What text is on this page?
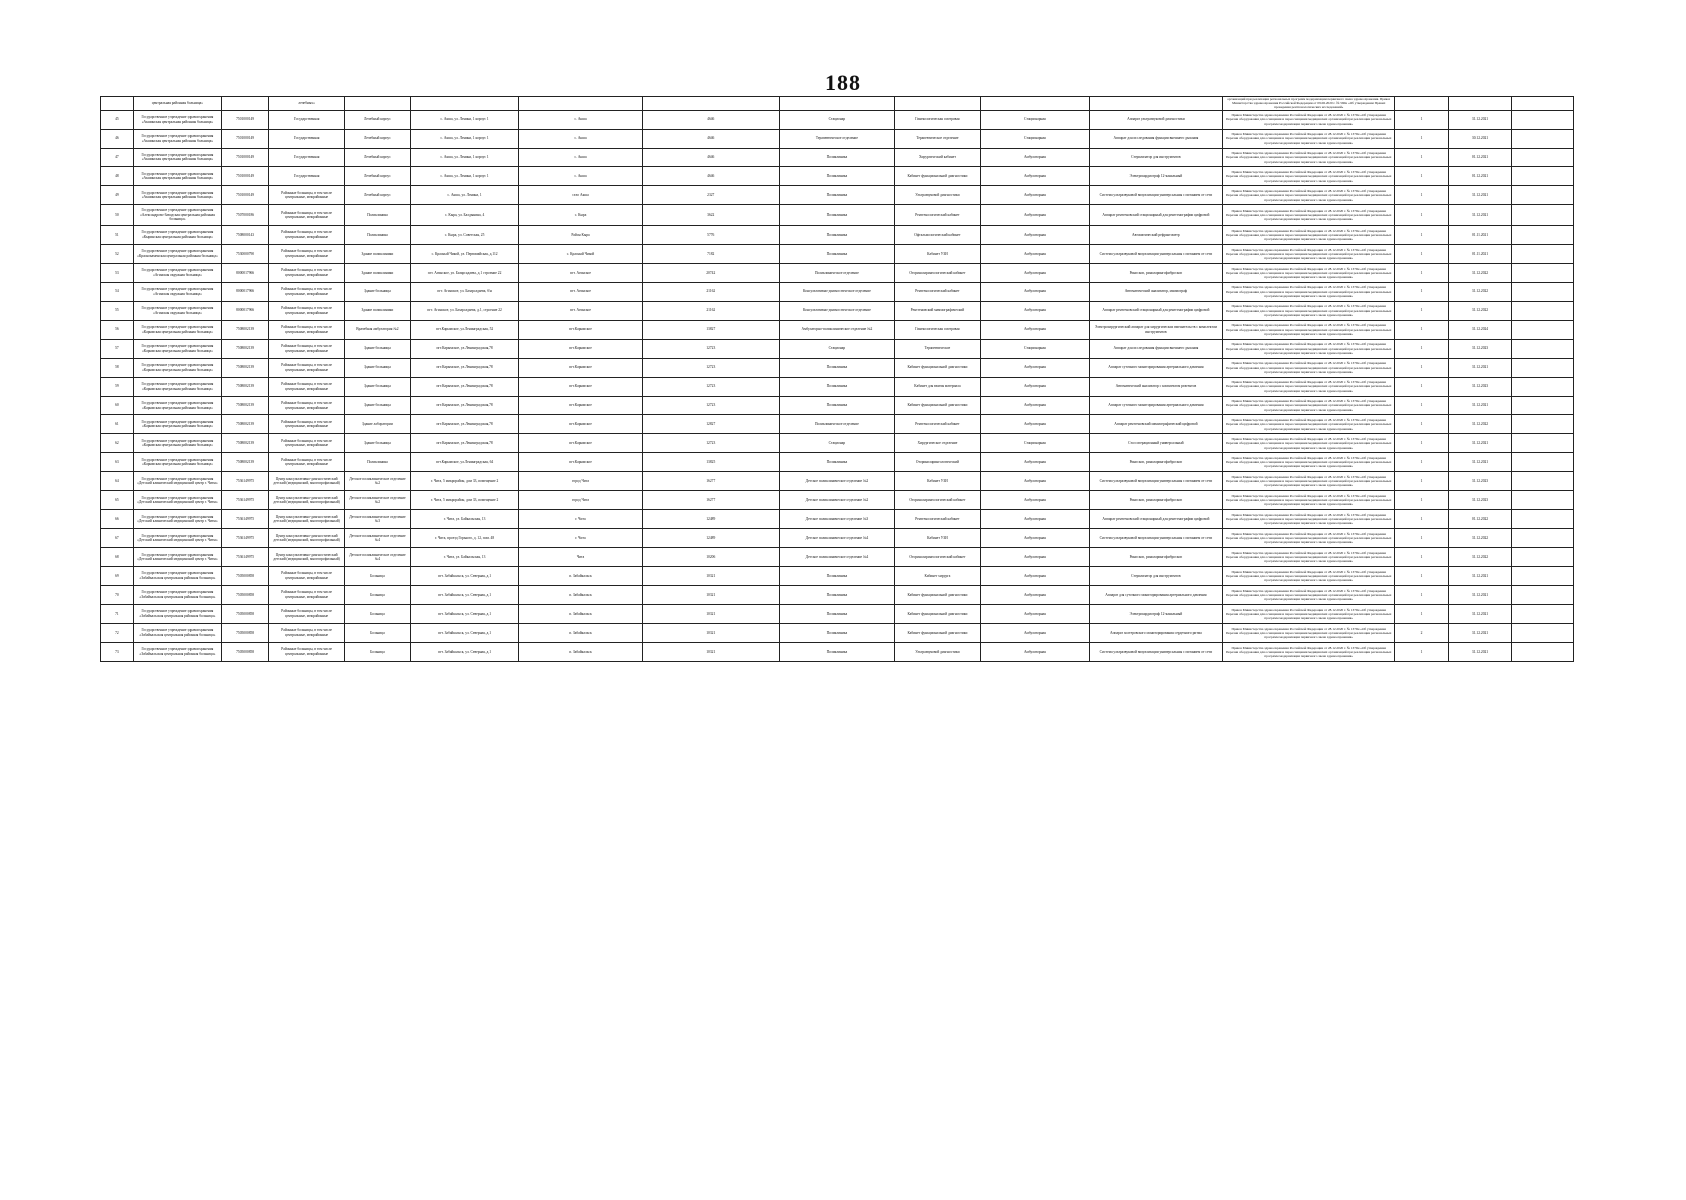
188
	центральная районная больница»		лечебных»									организаций при реализации региональных программ модернизации первичного звена здравоохранения. Приказ Министерства здравоохранения Российской Федерации от 09.06.2020 г. № 560н «Об утверждении Правил проведения рентгенологических исследований»			
45	Государственное учреждение здравоохранения «Акшинская центральная районная больница»	7501000149	Государственная	Лечебный корпус	с. Акша, ул. Ленина, 1 корпус 1	с. Акша	4646	Стационар	Гинекологическая смотровая	Стационарная	Аппарат ультразвуковой диагностики	Приказ Министерства здравоохранения Российской Федерации от 28.12.2020 г. № 1379н «Об утверждении Перечня оборудования для оснащения и переоснащения медицинских организаций при реализации региональных программ модернизации первичного звена здравоохранения»	1	31.12.2021	
46	Государственное учреждение здравоохранения «Акшинская центральная районная больница»	7501000149	Государственная	Лечебный корпус	с. Акша, ул. Ленина, 1 корпус 1	с. Акша	4646	Терапевтическое отделение	Терапевтическое отделение	Стационарная	Аппарат для исследования функции внешнего дыхания	Приказ Министерства здравоохранения Российской Федерации от 28.12.2020 г. № 1379н «Об утверждении Перечня оборудования для оснащения и переоснащения медицинских организаций при реализации региональных программ модернизации первичного звена здравоохранения»	1	30.12.2021	
47	Государственное учреждение здравоохранения «Акшинская центральная районная больница»	7501000149	Государственная	Лечебный корпус	с. Акша, ул. Ленина, 1 корпус 1	с. Акша	4646	Поликлиника	Хирургический кабинет	Амбулаторная	Стерилизатор для инструментов	Приказ Министерства здравоохранения Российской Федерации от 28.12.2020 г. № 1379н «Об утверждении Перечня оборудования для оснащения и переоснащения медицинских организаций при реализации региональных программ модернизации первичного звена здравоохранения»	1	01.12.2021	
48	Государственное учреждение здравоохранения «Акшинская центральная районная больница»	7501000149	Государственная	Лечебный корпус	с. Акша, ул. Ленина, 1 корпус 1	с. Акша	4646	Поликлиника	Кабинет функциональной диагностики	Амбулаторная	Электрокардиограф 12-канальный	Приказ Министерства здравоохранения Российской Федерации от 28.12.2020 г. № 1379н «Об утверждении Перечня оборудования для оснащения и переоснащения медицинских организаций при реализации региональных программ модернизации первичного звена здравоохранения»	1	01.12.2021	
49	Государственное учреждение здравоохранения «Акшинская центральная районная больница»	7501000149	Районные больницы, в том числе центральные, межрайонные	Лечебный корпус	с. Акша, ул. Ленина, 1	село Акша	2327	Поликлиника	Ультразвуковой диагностики	Амбулаторная	Система ультразвуковой визуализации универсальная с питанием от сети	Приказ Министерства здравоохранения Российской Федерации от 28.12.2020 г. № 1379н «Об утверждении Перечня оборудования для оснащения и переоснащения медицинских организаций при реализации региональных программ модернизации первичного звена здравоохранения»	1	31.12.2021	
50	Государственное учреждение здравоохранения «Александрово-Заводская центральная районная больница»	7507000186	Районные больницы, в том числе центральные, межрайонные	Поликлиника	с. Кыра, ул. Балдынина, 4	с. Кыра	3622	Поликлиника	Рентгенологический кабинет	Амбулаторная	Аппарат рентгеновский стационарный для рентгенографии цифровой	Приказ Министерства здравоохранения Российской Федерации от 28.12.2020 г. № 1379н «Об утверждении Перечня оборудования для оснащения и переоснащения медицинских организаций при реализации региональных программ модернизации первичного звена здравоохранения»	1	31.12.2021	
51	Государственное учреждение здравоохранения «Кыринская центральная районная больница»	7508000143	Районные больницы, в том числе центральные, межрайонные	Поликлиника	с. Кыра, ул. Советская, 25	Район Кыра	5776	Поликлиника	Офтальмологический кабинет	Амбулаторная	Автоматический рефрактометр	Приказ Министерства здравоохранения Российской Федерации от 28.12.2020 г. № 1379н «Об утверждении Перечня оборудования для оснащения и переоснащения медицинских организаций при реализации региональных программ модернизации первичного звена здравоохранения»	1	01.11.2021	
52	Государственное учреждение здравоохранения «Краснокаменская центральная районная больница»	7530000790	Районные больницы, в том числе центральные, межрайонные	Здание поликлиники	с. Красный Чикой, ул. Первомайская, д.112	с. Красный Чикой	7182	Поликлиника	Кабинет УЗИ	Амбулаторная	Система ультразвуковой визуализации универсальная с питанием от сети	Приказ Министерства здравоохранения Российской Федерации от 28.12.2020 г. № 1379н «Об утверждении Перечня оборудования для оснащения и переоснащения медицинских организаций при реализации региональных программ модернизации первичного звена здравоохранения»	1	01.11.2021	
53	Государственное учреждение здравоохранения «Агинская окружная больница»	8000017966	Районные больницы, в том числе центральные, межрайонные	Здание поликлиники	пгт. Агинское, ул. Базарсадаева, д.1 строение 22	пгт. Агинское	20742	Поликлиническое отделение	Оториноларингологический кабинет	Амбулаторная	Риноскоп, риноларингофиброскоп	Приказ Министерства здравоохранения Российской Федерации от 28.12.2020 г. № 1379н «Об утверждении Перечня оборудования для оснащения и переоснащения медицинских организаций при реализации региональных программ модернизации первичного звена здравоохранения»	1	31.12.2022	
54	Государственное учреждение здравоохранения «Агинская окружная больница»	8000017966	Районные больницы, в том числе центральные, межрайонные	Здание больницы	пгт. Агинское, ул. Базарсадаева, б/н	пгт. Агинское	21162	Консультативно-диагностическое отделение	Рентгенологический кабинет	Амбулаторная	Автоматический анализатор, маммограф	Приказ Министерства здравоохранения Российской Федерации от 28.12.2020 г. № 1379н «Об утверждении Перечня оборудования для оснащения и переоснащения медицинских организаций при реализации региональных программ модернизации первичного звена здравоохранения»	1	31.12.2022	
55	Государственное учреждение здравоохранения «Агинская окружная больница»	8000017966	Районные больницы, в том числе центральные, межрайонные	Здание поликлиники	пгт. Агинское, ул. Базарсадаева, д.1, строение 22	пгт. Агинское	21162	Консультативно-диагностическое отделение	Рентгеновский маммографический	Амбулаторная	Аппарат рентгеновский стационарный для рентгенографии цифровой	Приказ Министерства здравоохранения Российской Федерации от 28.12.2020 г. № 1379н «Об утверждении Перечня оборудования для оснащения и переоснащения медицинских организаций при реализации региональных программ модернизации первичного звена здравоохранения»	1	31.12.2022	
56	Государственное учреждение здравоохранения «Карымская центральная районная больница»	7508002139	Районные больницы, в том числе центральные, межрайонные	Врачебная амбулатория №2	пгт.Карымское, ул.Ленинградская, 52	пгт.Карымское	13827	Амбулаторно-поликлиническое отделение №2	Гинекологическая смотровая	Амбулаторная	Электрохирургический аппарат для хирургических вмешательств с комплектом инструментов	Приказ Министерства здравоохранения Российской Федерации от 28.12.2020 г. № 1379н «Об утверждении Перечня оборудования для оснащения и переоснащения медицинских организаций при реализации региональных программ модернизации первичного звена здравоохранения»	1	31.12.2024	
57	Государственное учреждение здравоохранения «Карымская центральная районная больница»	7508002139	Районные больницы, в том числе центральные, межрайонные	Здание больницы	пгт.Карымское, ул.Ленинградская,78	пгт.Карымское	12723	Стационар	Терапевтическое	Стационарная	Аппарат для исследования функции внешнего дыхания	Приказ Министерства здравоохранения Российской Федерации от 28.12.2020 г. № 1379н «Об утверждении Перечня оборудования для оснащения и переоснащения медицинских организаций при реализации региональных программ модернизации первичного звена здравоохранения»	1	31.12.2023	
58	Государственное учреждение здравоохранения «Карымская центральная районная больница»	7508002139	Районные больницы, в том числе центральные, межрайонные	Здание больницы	пгт.Карымское, ул.Ленинградская,78	пгт.Карымское	12723	Поликлиника	Кабинет функциональной диагностики	Амбулаторная	Аппарат суточного мониторирования артериального давления	Приказ Министерства здравоохранения Российской Федерации от 28.12.2020 г. № 1379н «Об утверждении Перечня оборудования для оснащения и переоснащения медицинских организаций при реализации региональных программ модернизации первичного звена здравоохранения»	1	31.12.2021	
59	Государственное учреждение здравоохранения «Карымская центральная районная больница»	7508002139	Районные больницы, в том числе центральные, межрайонные	Здание больницы	пгт.Карымское, ул.Ленинградская,78	пгт.Карымское	12723	Поликлиника	Кабинет для взятия материала	Амбулаторная	Автоматический анализатор с комплектом реагентов	Приказ Министерства здравоохранения Российской Федерации от 28.12.2020 г. № 1379н «Об утверждении Перечня оборудования для оснащения и переоснащения медицинских организаций при реализации региональных программ модернизации первичного звена здравоохранения»	1	31.12.2023	
60	Государственное учреждение здравоохранения «Карымская центральная районная больница»	7508002139	Районные больницы, в том числе центральные, межрайонные	Здание больницы	пгт.Карымское, ул.Ленинградская,78	пгт.Карымское	12723	Поликлиника	Кабинет функциональной диагностики	Амбулаторная	Аппарат суточного мониторирования артериального давления	Приказ Министерства здравоохранения Российской Федерации от 28.12.2020 г. № 1379н «Об утверждении Перечня оборудования для оснащения и переоснащения медицинских организаций при реализации региональных программ модернизации первичного звена здравоохранения»	1	31.12.2021	
61	Государственное учреждение здравоохранения «Карымская центральная районная больница»	7508002139	Районные больницы, в том числе центральные, межрайонные	Здание лаборатории	пгт.Карымское, ул.Ленинградская,78	пгт.Карымское	12827	Поликлиническое отделение	Рентгенологический кабинет	Амбулаторная	Аппарат рентгеновский маммографический цифровой	Приказ Министерства здравоохранения Российской Федерации от 28.12.2020 г. № 1379н «Об утверждении Перечня оборудования для оснащения и переоснащения медицинских организаций при реализации региональных программ модернизации первичного звена здравоохранения»	1	31.12.2022	
62	Государственное учреждение здравоохранения «Карымская центральная районная больница»	7508002139	Районные больницы, в том числе центральные, межрайонные	Здание больницы	пгт.Карымское, ул.Ленинградская,78	пгт.Карымское	12723	Стационар	Хирургическое отделение	Стационарная	Стол операционный универсальный	Приказ Министерства здравоохранения Российской Федерации от 28.12.2020 г. № 1379н «Об утверждении Перечня оборудования для оснащения и переоснащения медицинских организаций при реализации региональных программ модернизации первичного звена здравоохранения»	1	31.12.2021	
63	Государственное учреждение здравоохранения «Карымская центральная районная больница»	7508002139	Районные больницы, в том числе центральные, межрайонные	Поликлиника	пгт.Карымское, ул.Ленинградская, 64	пгт.Карымское	13825	Поликлиника	Оториноларингологический	Амбулаторная	Риноскоп, риноларингофиброскоп	Приказ Министерства здравоохранения Российской Федерации от 28.12.2020 г. № 1379н «Об утверждении Перечня оборудования для оснащения и переоснащения медицинских организаций при реализации региональных программ модернизации первичного звена здравоохранения»	1	31.12.2021	
64	Государственное учреждение здравоохранения «Детский клинический медицинский центр г. Читы»	7536149975	Центр консультативно-диагностический детский (медицинский, многопрофильный)	Детское поликлиническое отделение №2	г. Чита, 5 микрорайон, дом 33, помещение 2	город Чита	16277	Детское поликлиническое отделение №2	Кабинет УЗИ	Амбулаторная	Система ультразвуковой визуализации универсальная с питанием от сети	Приказ Министерства здравоохранения Российской Федерации от 28.12.2020 г. № 1379н «Об утверждении Перечня оборудования для оснащения и переоснащения медицинских организаций при реализации региональных программ модернизации первичного звена здравоохранения»	1	31.12.2023	
65	Государственное учреждение здравоохранения «Детский клинический медицинский центр г. Читы»	7536149975	Центр консультативно-диагностический детский (медицинский, многопрофильный)	Детское поликлиническое отделение №2	г. Чита, 5 микрорайон, дом 33, помещение 2	город Чита	16277	Детское поликлиническое отделение №2	Оториноларингологический кабинет	Амбулаторная	Риноскоп, риноларингофиброскоп	Приказ Министерства здравоохранения Российской Федерации от 28.12.2020 г. № 1379н «Об утверждении Перечня оборудования для оснащения и переоснащения медицинских организаций при реализации региональных программ модернизации первичного звена здравоохранения»	1	31.12.2023	
66	Государственное учреждение здравоохранения «Детский клинический медицинский центр г. Читы»	7536149975	Центр консультативно-диагностический детский (медицинский, многопрофильный)	Детское поликлиническое отделение №3	г. Чита, ул. Байкальская, 13	г. Чита	12489	Детское поликлиническое отделение №3	Рентгенологический кабинет	Амбулаторная	Аппарат рентгеновский стационарный для рентгенографии цифровой	Приказ Министерства здравоохранения Российской Федерации от 28.12.2020 г. № 1379н «Об утверждении Перечня оборудования для оснащения и переоснащения медицинских организаций при реализации региональных программ модернизации первичного звена здравоохранения»	1	01.12.2022	
67	Государственное учреждение здравоохранения «Детский клинический медицинский центр г. Читы»	7536149975	Центр консультативно-диагностический детский (медицинский, многопрофильный)	Детское поликлиническое отделение №4	г. Чита, проезд Горького, д. 12, пом. 48	г. Чита	12489	Детское поликлиническое отделение №4	Кабинет УЗИ	Амбулаторная	Система ультразвуковой визуализации универсальная с питанием от сети	Приказ Министерства здравоохранения Российской Федерации от 28.12.2020 г. № 1379н «Об утверждении Перечня оборудования для оснащения и переоснащения медицинских организаций при реализации региональных программ модернизации первичного звена здравоохранения»	1	31.12.2022	
68	Государственное учреждение здравоохранения «Детский клинический медицинский центр г. Читы»	7536149975	Центр консультативно-диагностический детский (медицинский, многопрофильный)	Детское поликлиническое отделение №4	г. Чита, ул. Байкальская, 13	Чита	10206	Детское поликлиническое отделение №4	Оториноларингологический кабинет	Амбулаторная	Риноскоп, риноларингофиброскоп	Приказ Министерства здравоохранения Российской Федерации от 28.12.2020 г. № 1379н «Об утверждении Перечня оборудования для оснащения и переоснащения медицинских организаций при реализации региональных программ модернизации первичного звена здравоохранения»	1	31.12.2022	
69	Государственное учреждение здравоохранения «Забайкальская центральная районная больница»	7505000858	Районные больницы, в том числе центральные, межрайонные	Больница	пгт. Забайкальск, ул. Северная, д.1	п. Забайкальск	10321	Поликлиника	Кабинет хирурга	Амбулаторная	Стерилизатор для инструментов	Приказ Министерства здравоохранения Российской Федерации от 28.12.2020 г. № 1379н «Об утверждении Перечня оборудования для оснащения и переоснащения медицинских организаций при реализации региональных программ модернизации первичного звена здравоохранения»	1	31.12.2021	
70	Государственное учреждение здравоохранения «Забайкальская центральная районная больница»	7505000858	Районные больницы, в том числе центральные, межрайонные	Больница	пгт. Забайкальск, ул. Северная, д.1	п. Забайкальск	10321	Поликлиника	Кабинет функциональной диагностики	Амбулаторная	Аппарат для суточного мониторирования артериального давления	Приказ Министерства здравоохранения Российской Федерации от 28.12.2020 г. № 1379н «Об утверждении Перечня оборудования для оснащения и переоснащения медицинских организаций при реализации региональных программ модернизации первичного звена здравоохранения»	1	31.12.2021	
71	Государственное учреждение здравоохранения «Забайкальская центральная районная больница»	7505000858	Районные больницы, в том числе центральные, межрайонные	Больница	пгт. Забайкальск, ул. Северная, д.1	п. Забайкальск	10321	Поликлиника	Кабинет функциональной диагностики	Амбулаторная	Электрокардиограф 12-канальный	Приказ Министерства здравоохранения Российской Федерации от 28.12.2020 г. № 1379н «Об утверждении Перечня оборудования для оснащения и переоснащения медицинских организаций при реализации региональных программ модернизации первичного звена здравоохранения»	1	31.12.2021	
72	Государственное учреждение здравоохранения «Забайкальская центральная районная больница»	7505000858	Районные больницы, в том числе центральные, межрайонные	Больница	пгт. Забайкальск, ул. Северная, д.1	п. Забайкальск	10321	Поликлиника	Кабинет функциональной диагностики	Амбулаторная	Аппарат холтеровского мониторирования сердечного ритма	Приказ Министерства здравоохранения Российской Федерации от 28.12.2020 г. № 1379н «Об утверждении Перечня оборудования для оснащения и переоснащения медицинских организаций при реализации региональных программ модернизации первичного звена здравоохранения»	2	31.12.2021	
73	Государственное учреждение здравоохранения «Забайкальская центральная районная больница»	7505000858	Районные больницы, в том числе центральные, межрайонные	Больница	пгт. Забайкальск, ул. Северная, д.1	п. Забайкальск	10321	Поликлиника	Ультразвуковой диагностики	Амбулаторная	Система ультразвуковой визуализации универсальная с питанием от сети	Приказ Министерства здравоохранения Российской Федерации от 28.12.2020 г. № 1379н «Об утверждении Перечня оборудования для оснащения и переоснащения медицинских организаций при реализации региональных программ модернизации первичного звена здравоохранения»	1	31.12.2021	
